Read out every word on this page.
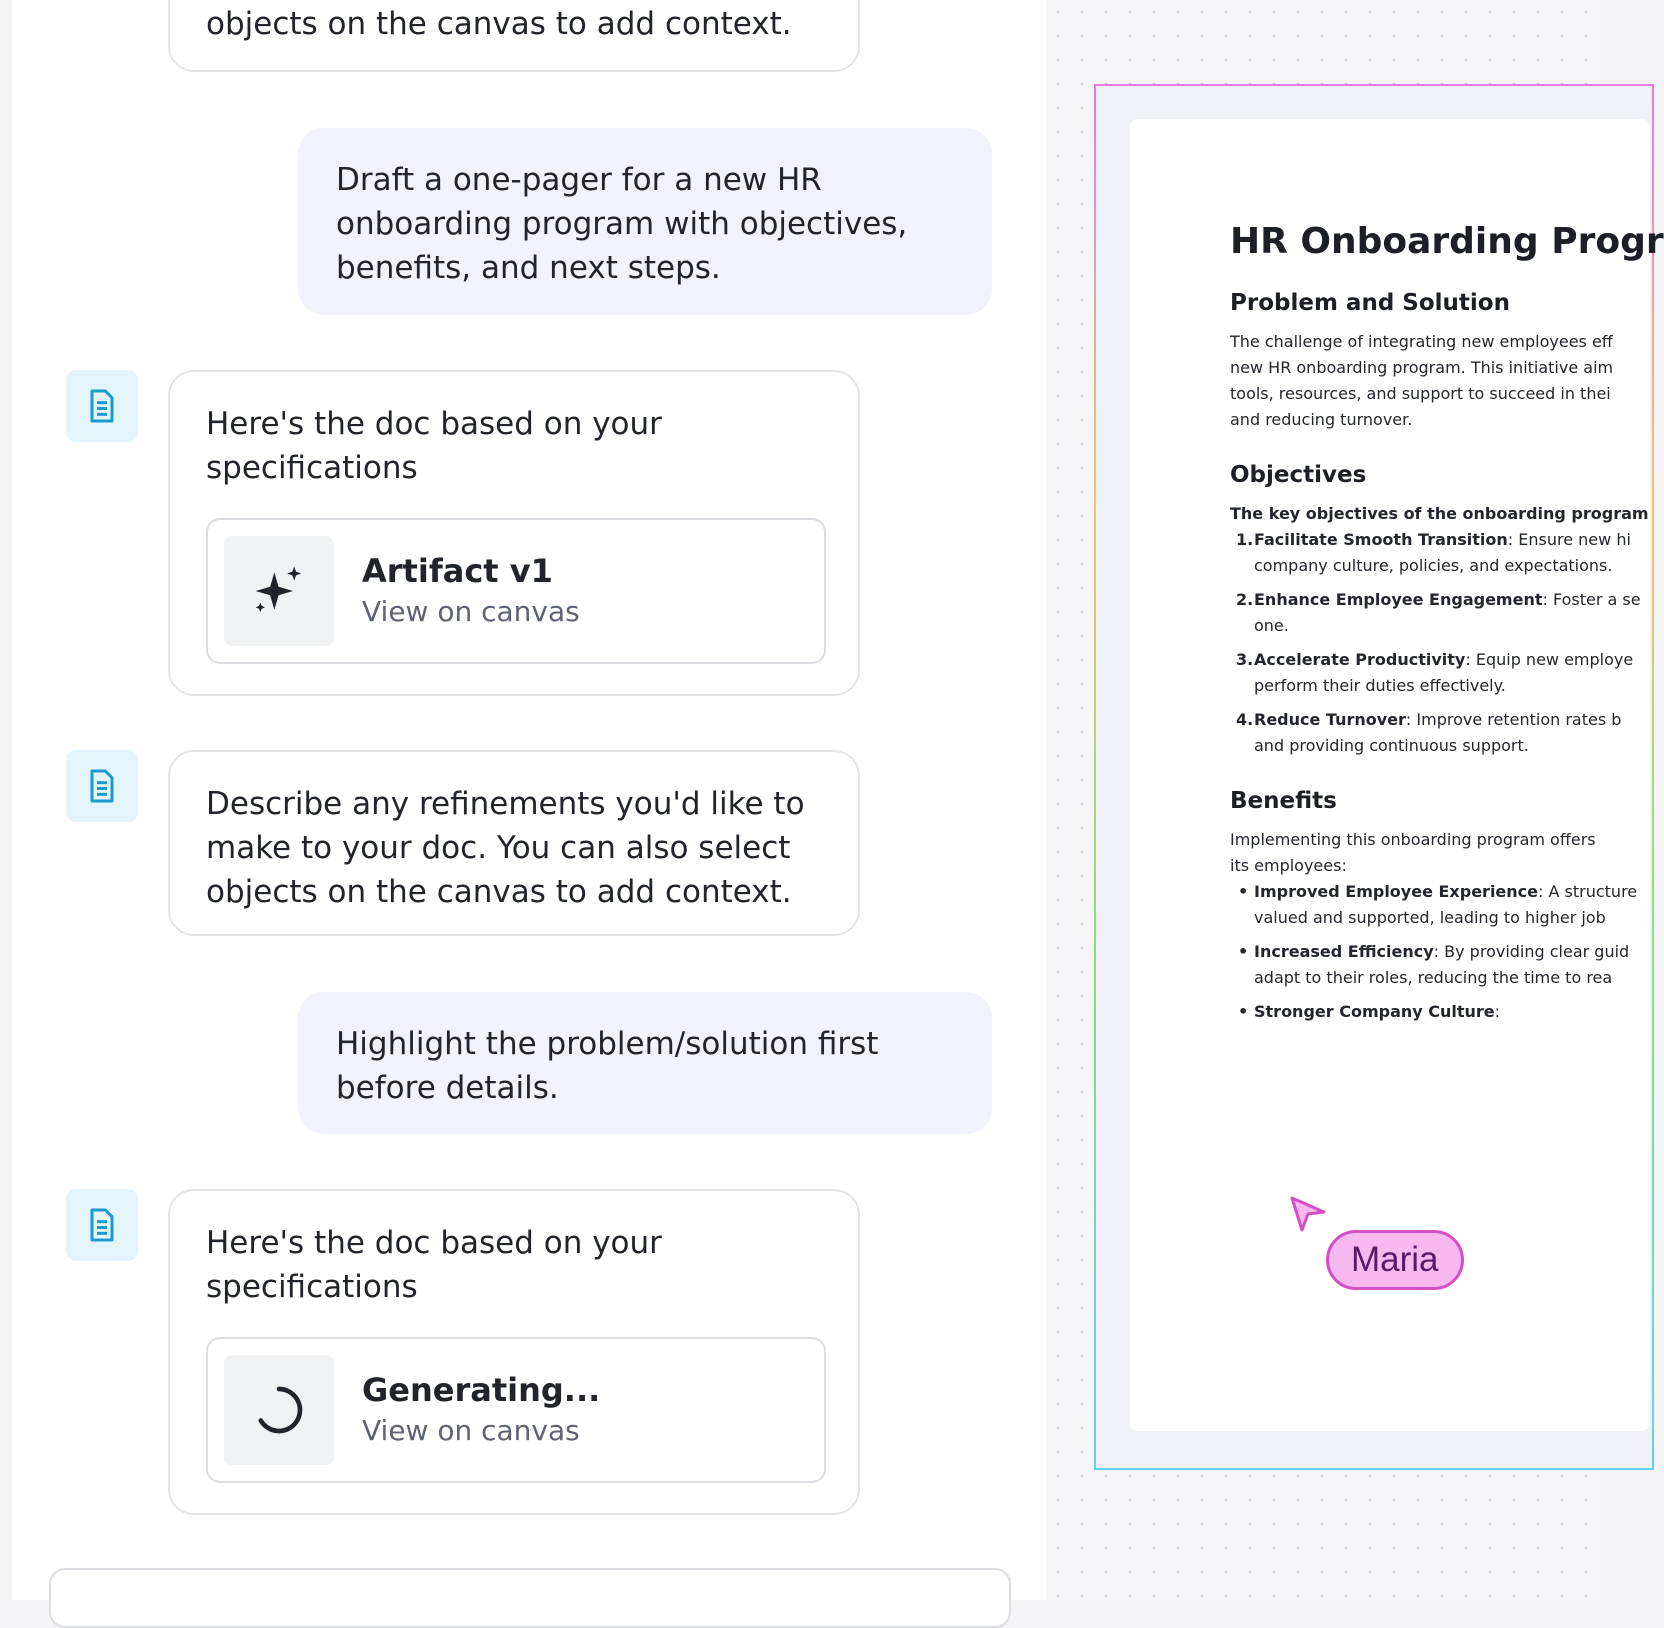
objects on the canvas to add context.
Draft a one-pager for a new HR onboarding program with objectives, benefits, and next steps.
Here's the doc based on your specifications
Artifact v1
View on canvas
Describe any refinements you'd like to make to your doc. You can also select objects on the canvas to add context.
Highlight the problem/solution first before details.
Here's the doc based on your specifications
Generating...
View on canvas
HR Onboarding Progr
Problem and Solution

The challenge of integrating new employees eff

new HR onboarding program. This initiative aim

tools, resources, and support to succeed in thei

and reducing turnover.

Objectives

The key objectives of the onboarding program

1. Facilitate Smooth Transition: Ensure new hi
company culture, policies, and expectations.
2. Enhance Employee Engagement: Foster a se
one.
3. Accelerate Productivity: Equip new employe
perform their duties effectively.
4. Reduce Turnover: Improve retention rates b
and providing continuous support.
Benefits

Implementing this onboarding program offers

its employees:

• Improved Employee Experience: A structure
valued and supported, leading to higher job
• Increased Efficiency: By providing clear guid
adapt to their roles, reducing the time to rea
• Stronger Company Culture:
Maria
